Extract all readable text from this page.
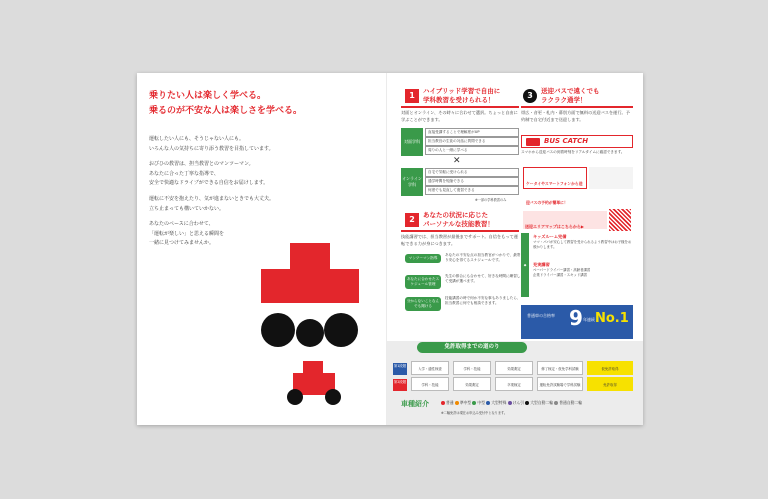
乗りたい人は楽しく学べる。
乗るのが不安な人は楽しさを学べる。

運転したい人にも、そうじゃない人にも。
いろんな人の気持ちに寄り添う教習を目指しています。

おびひの教習は、担当教習とのマンツーマン。
あなたに合った丁寧な指導で、
安全で快適なドライブができる自信をお届けします。

運転に不安を抱えたり、気が進まないときでも大丈夫。
立ち止まっても構いていかない。

あなたのペースに合わせて、
「運転が楽しい」と思える瞬間を
一緒に見つけてみませんか。

1	ハイブリッド学習で自由に
学科教習を受けられる！
対面とオンライン、その時々に合わせて選択。ちょっと自由に学ぶことができます。
対面学科
直接受講することで理解度がUP
担当教官の生徒の対話に質問できる
周りの人と一緒に学べる
✕
オンライン学科
自宅で気軽に受けられる
通学時間を短縮できる
何度でも見直して復習できる
※一部の学科教習のみ
2	あなたの状況に応じた
パーソナルな技能教習！
技能講習では、担当教習が最後までサポート。自信をもって運転できる力が身につきます。
マンツーマン指導
あなたの不安な点の担当教官がつかりで、最寄り安心を得てるスケジュールです。
あなたに合わせたスケジュール管理
先生の都合にも合わせて、好きな時間に練習して受講が選べます。
分からないことなんでも聞ける
技能講習の時で何か不安な事もありましたら、担当教習に何でも相談できます。
3	送迎バスで遠くでも
ラクラク通学！
帯広・音更・札内・幕別方面で無料の送迎バスを運行。予約制で自宅付近まで送迎します。
BUS CATCH
スマホから送迎バスの到着時刻をリアルタイムに確認できます。
ケータイやスマートフォンから送迎バスの予約が簡単に！
送迎エリアマップはこちらから▶
◆
キッズルーム完備
ママ・パパが安心して教習を受けられるよう教習中はお子様をお預かりします。
充実講習
ペーパードライバー講習・高齢者講習
企業ドライバー講習・スキッド講習
普通車の合格率 9 年連続 No.1
免許取得までの道のり
第1段階
入学・適性検査	学科・技能	効果測定	修了検定・仮免学科試験	仮免許取得
第2段階
学科・技能	効果測定	卒業検定	運転免許試験場で学科試験	免許取得
車種紹介	普通 準中型 中型 大型特殊 けん引 大型自動二輪 普通自動二輪
※二輪免許は現在お申込み受付中となります。
